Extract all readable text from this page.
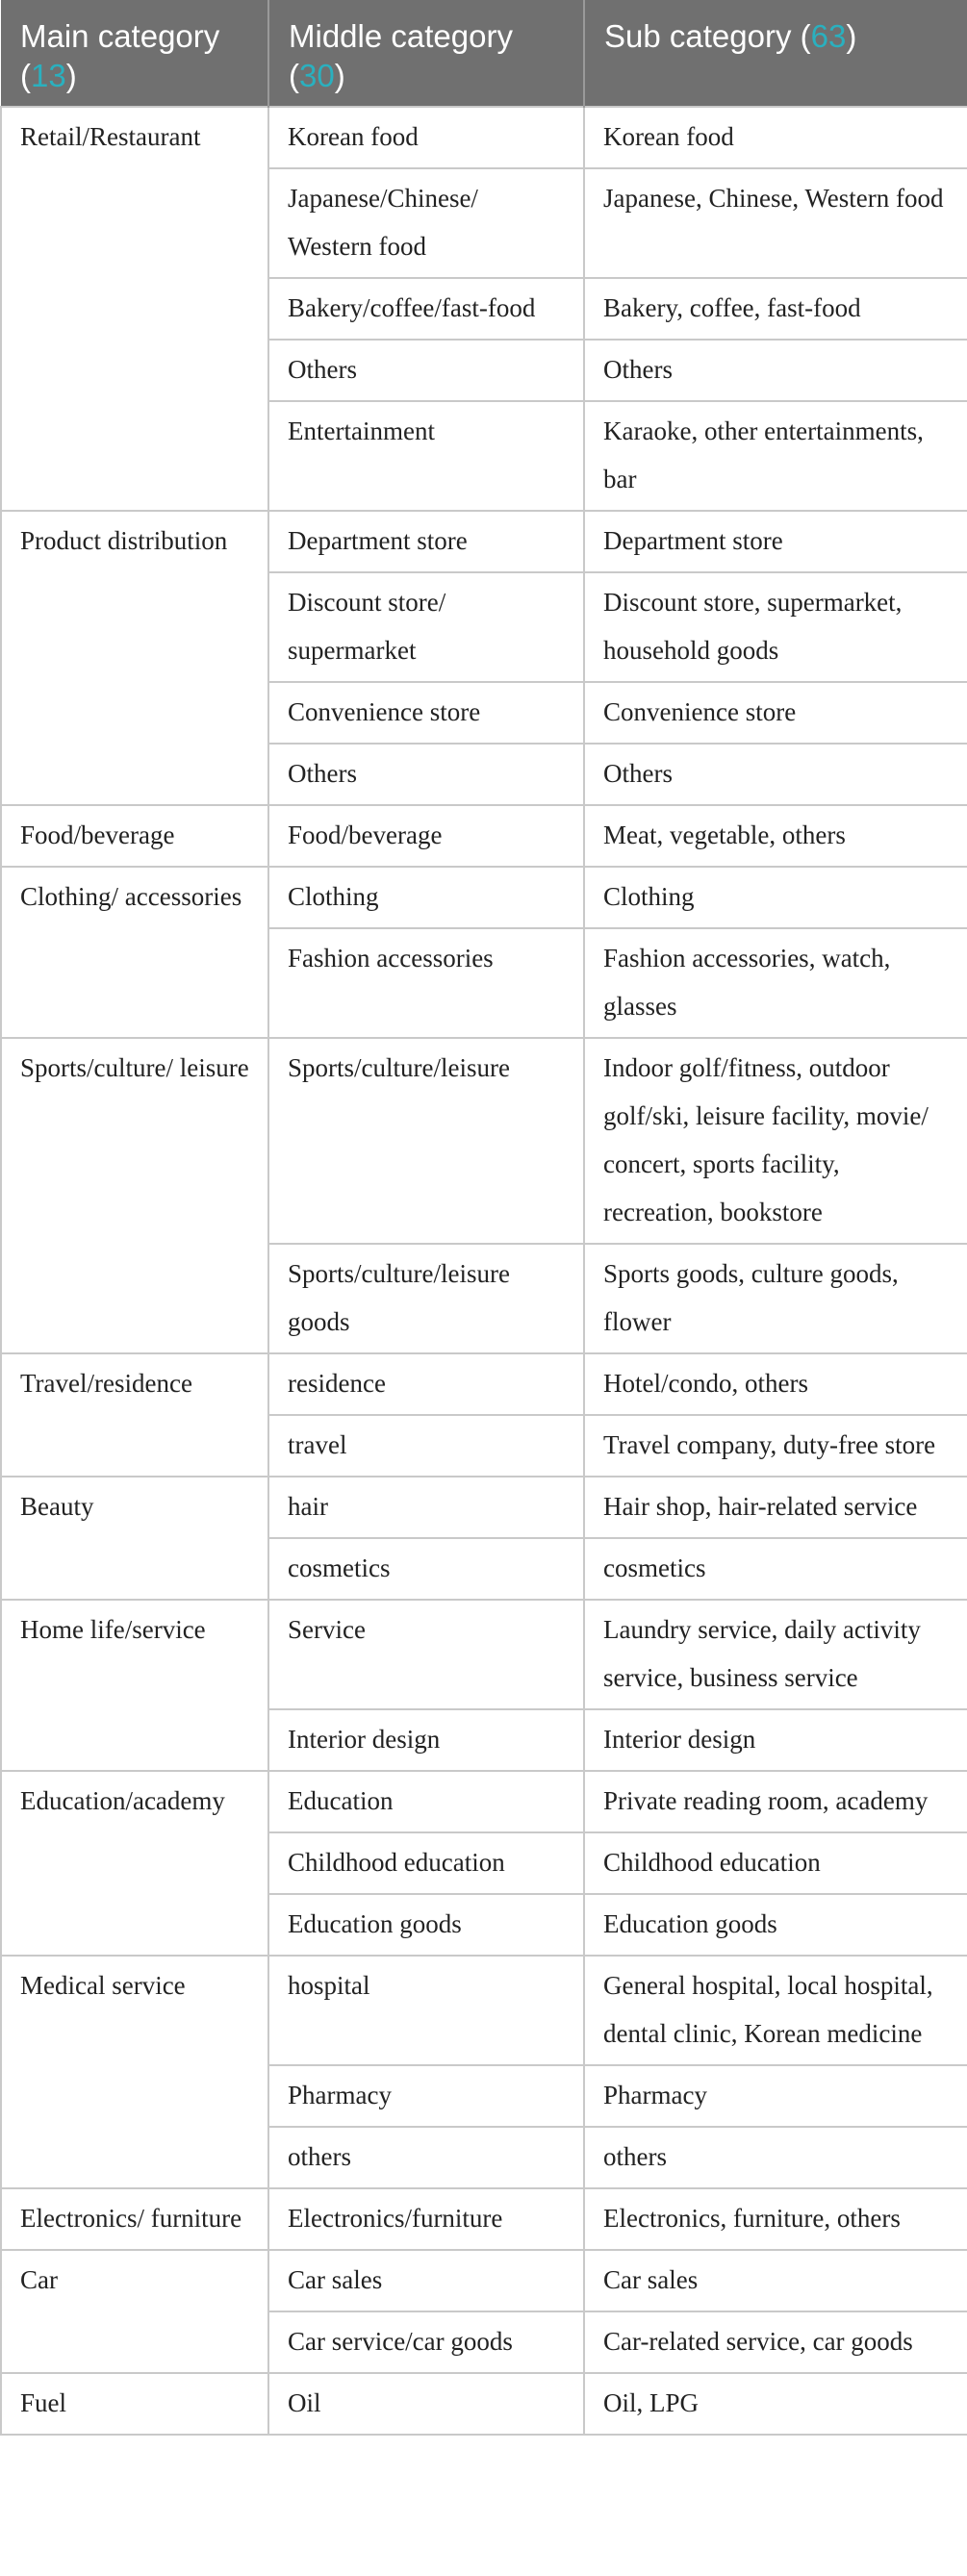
Main category (13)	Middle category (30)	Sub category (63)
Retail/Restaurant	Korean food	Korean food
	Japanese/Chinese/ Western food	Japanese, Chinese, Western food
	Bakery/coffee/fast-food	Bakery, coffee, fast-food
	Others	Others
	Entertainment	Karaoke, other entertainments, bar
Product distribution	Department store	Department store
	Discount store/ supermarket	Discount store, supermarket, household goods
	Convenience store	Convenience store
	Others	Others
Food/beverage	Food/beverage	Meat, vegetable, others
Clothing/ accessories	Clothing	Clothing
	Fashion accessories	Fashion accessories, watch, glasses
Sports/culture/ leisure	Sports/culture/leisure	Indoor golf/fitness, outdoor golf/ski, leisure facility, movie/ concert, sports facility, recreation, bookstore
	Sports/culture/leisure goods	Sports goods, culture goods, flower
Travel/residence	residence	Hotel/condo, others
	travel	Travel company, duty-free store
Beauty	hair	Hair shop, hair-related service
	cosmetics	cosmetics
Home life/service	Service	Laundry service, daily activity service, business service
	Interior design	Interior design
Education/academy	Education	Private reading room, academy
	Childhood education	Childhood education
	Education goods	Education goods
Medical service	hospital	General hospital, local hospital, dental clinic, Korean medicine
	Pharmacy	Pharmacy
	others	others
Electronics/ furniture	Electronics/furniture	Electronics, furniture, others
Car	Car sales	Car sales
	Car service/car goods	Car-related service, car goods
Fuel	Oil	Oil, LPG
